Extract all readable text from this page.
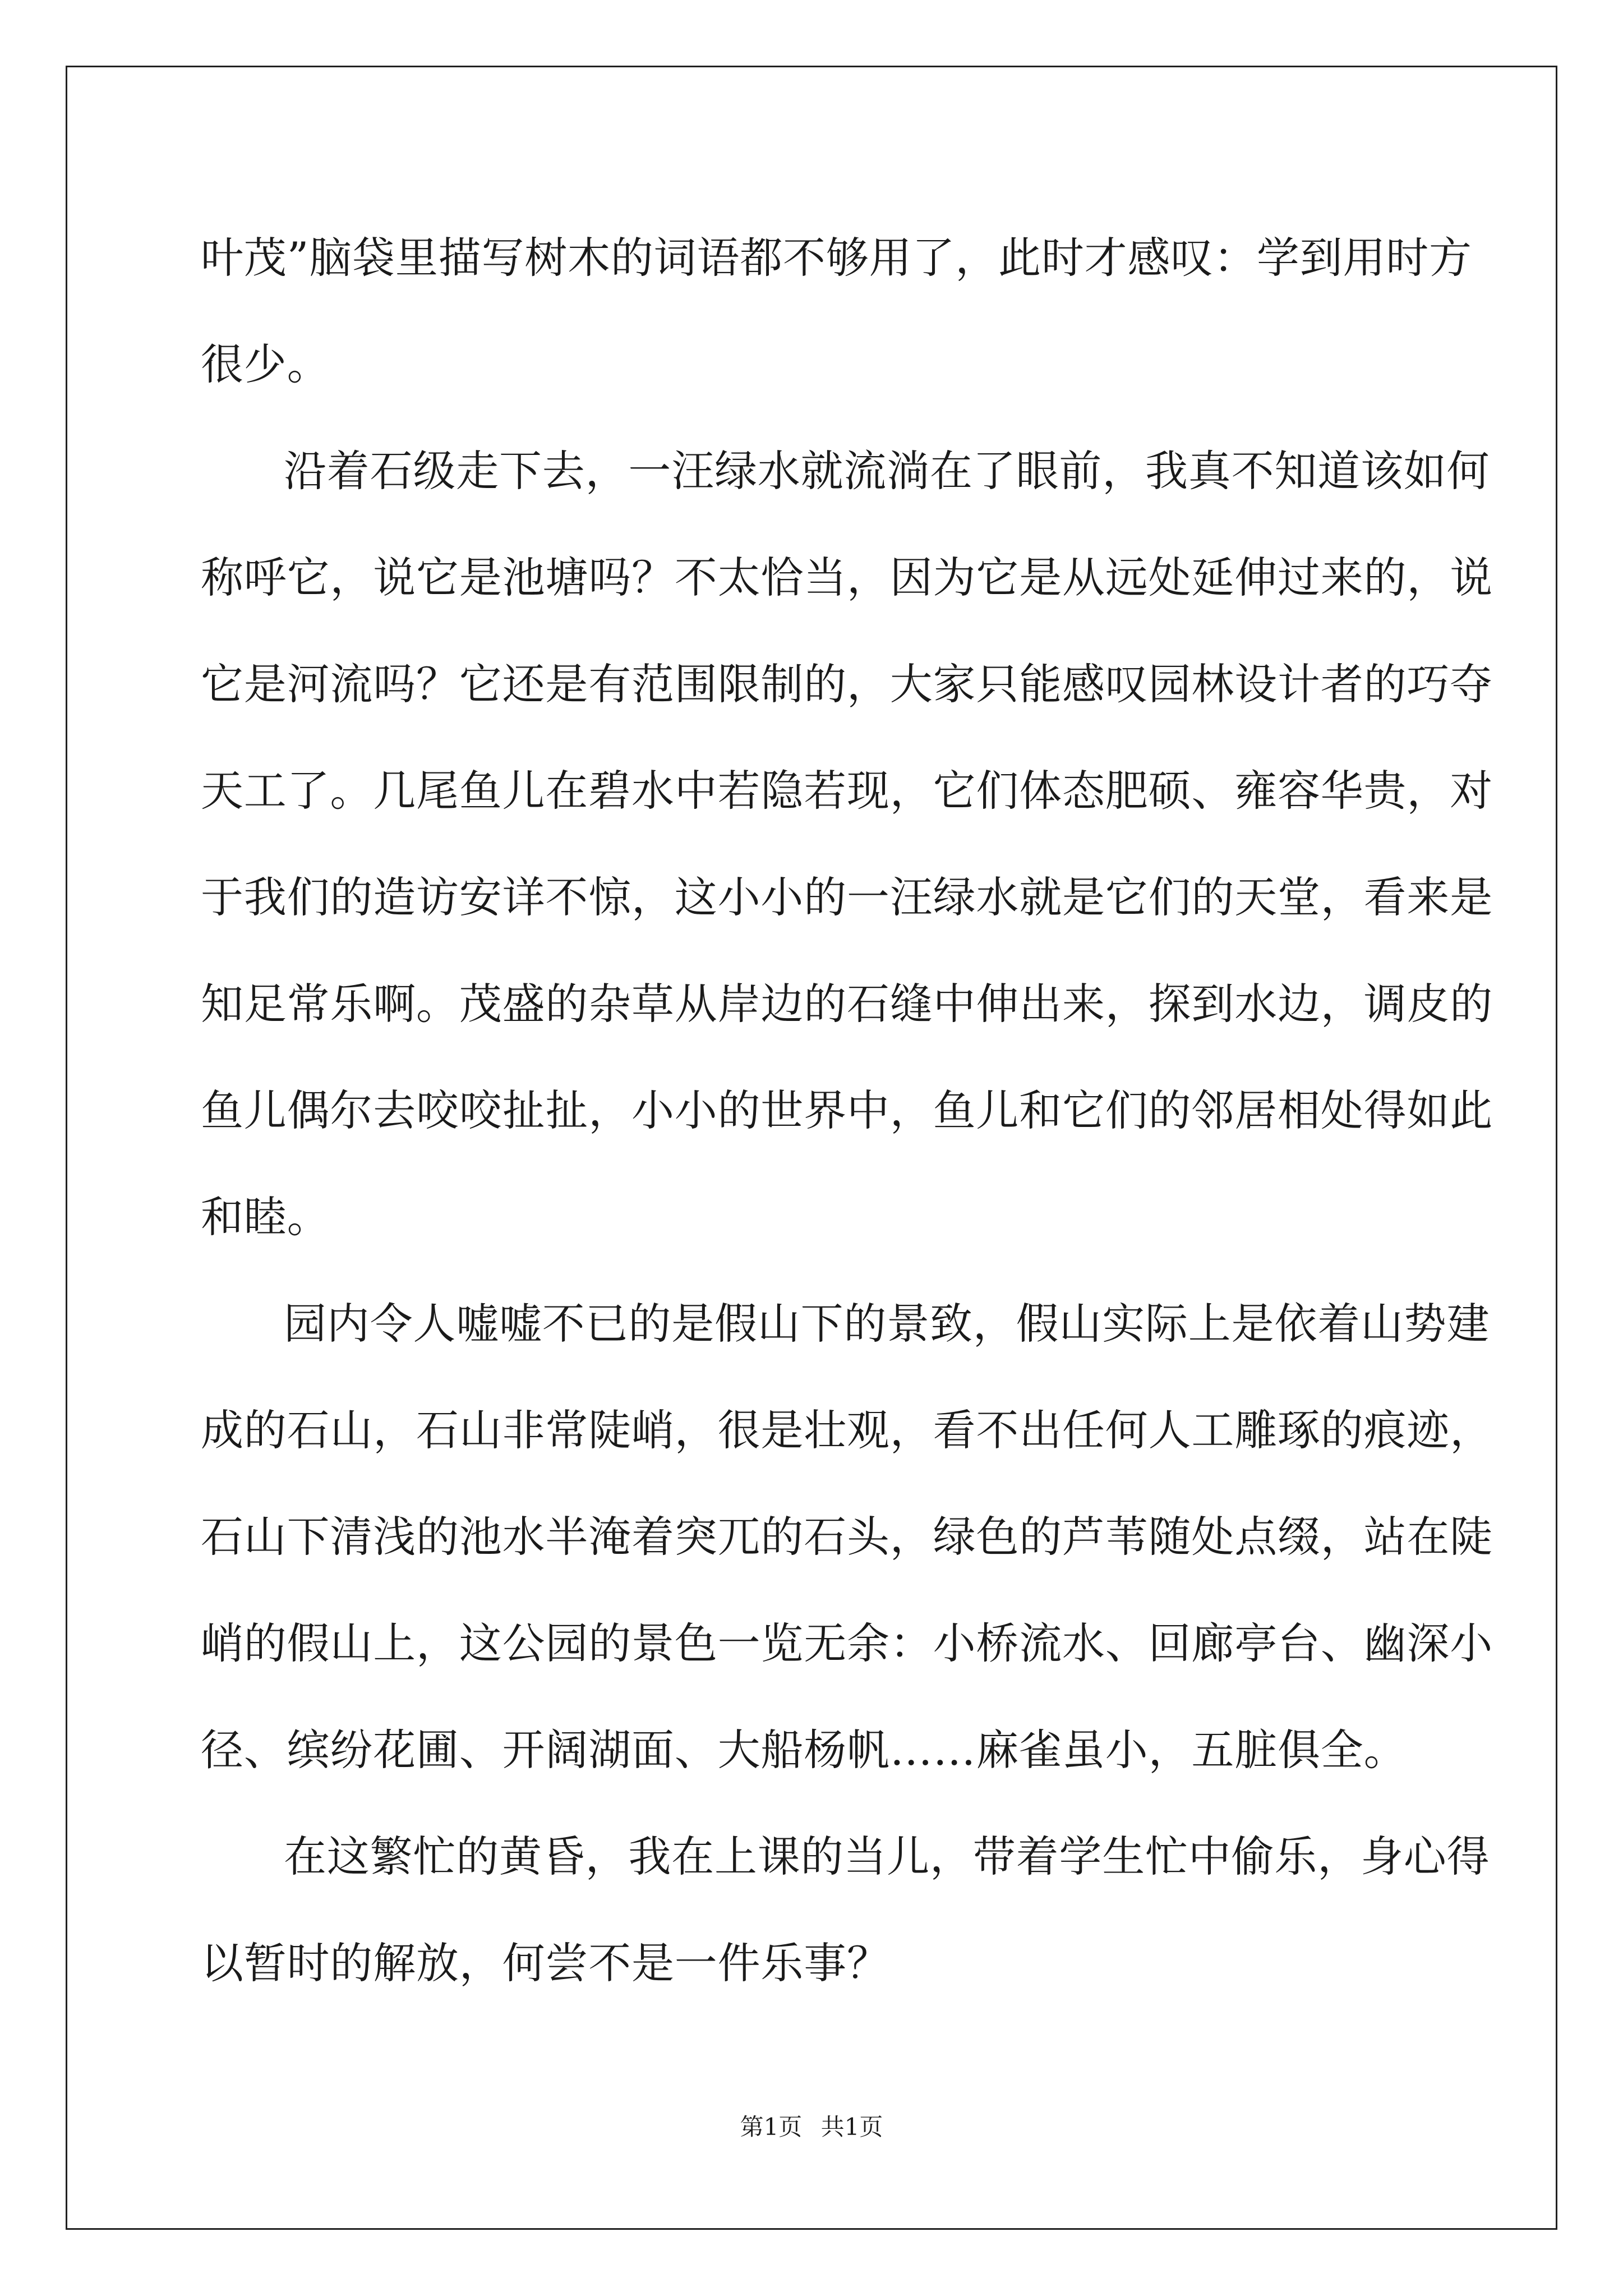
叶茂”脑袋里描写树木的词语都不够用了，此时才感叹：学到用时方
很少。
沿着石级走下去，一汪绿水就流淌在了眼前，我真不知道该如何
称呼它，说它是池塘吗？不太恰当，因为它是从远处延伸过来的，说
它是河流吗？它还是有范围限制的，大家只能感叹园林设计者的巧夺
天工了。几尾鱼儿在碧水中若隐若现，它们体态肥硕、雍容华贵，对
于我们的造访安详不惊，这小小的一汪绿水就是它们的天堂，看来是
知足常乐啊。茂盛的杂草从岸边的石缝中伸出来，探到水边，调皮的
鱼儿偶尔去咬咬扯扯，小小的世界中，鱼儿和它们的邻居相处得如此
和睦。
园内令人嘘嘘不已的是假山下的景致，假山实际上是依着山势建
成的石山，石山非常陡峭，很是壮观，看不出任何人工雕琢的痕迹，
石山下清浅的池水半淹着突兀的石头，绿色的芦苇随处点缀，站在陡
峭的假山上，这公园的景色一览无余：小桥流水、回廊亭台、幽深小
径、缤纷花圃、开阔湖面、大船杨帆……麻雀虽小，五脏俱全。
在这繁忙的黄昏，我在上课的当儿，带着学生忙中偷乐，身心得
以暂时的解放，何尝不是一件乐事？
第1页 共1页
